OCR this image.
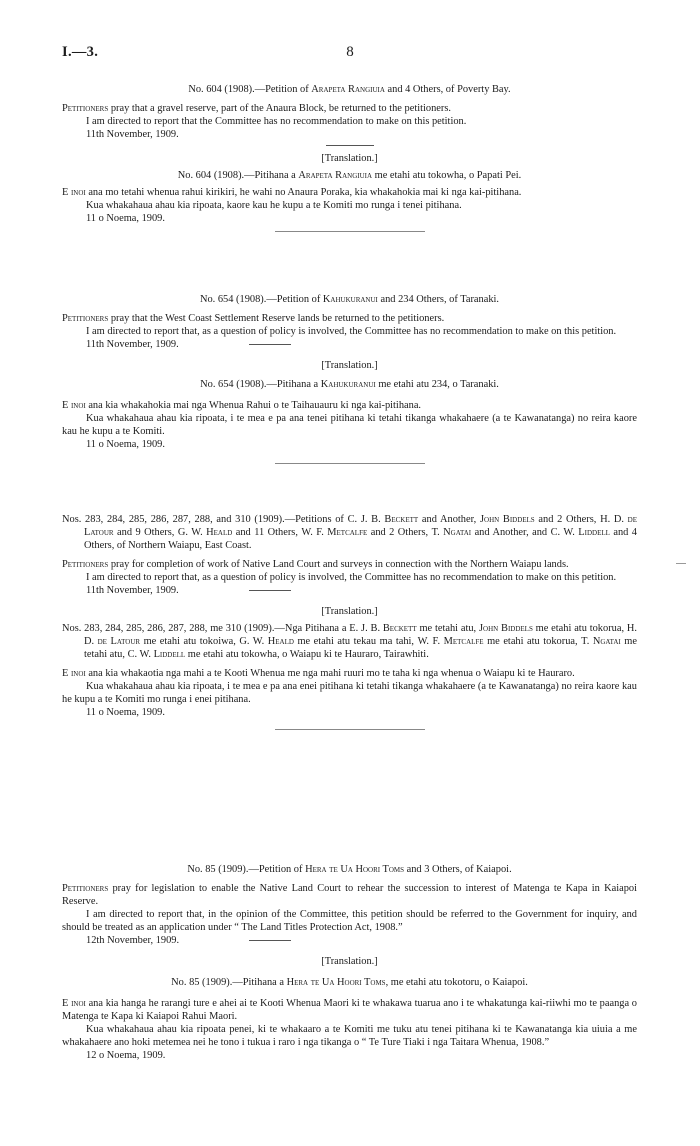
I.—3.	8

No. 604 (1908).—Petition of Arapeta Rangiuia and 4 Others, of Poverty Bay.

Petitioners pray that a gravel reserve, part of the Anaura Block, be returned to the petitioners.

I am directed to report that the Committee has no recommendation to make on this petition.

11th November, 1909.

[Translation.]

No. 604 (1908).—Pitihana a Arapeta Rangiuia me etahi atu tokowha, o Papati Pei.

E inoi ana mo tetahi whenua rahui kirikiri, he wahi no Anaura Poraka, kia whakahokia mai ki nga kai-pitihana.

Kua whakahaua ahau kia ripoata, kaore kau he kupu a te Komiti mo runga i tenei pitihana.

11 o Noema, 1909.

No. 654 (1908).—Petition of Kahukuranui and 234 Others, of Taranaki.

Petitioners pray that the West Coast Settlement Reserve lands be returned to the petitioners.

I am directed to report that, as a question of policy is involved, the Committee has no recommendation to make on this petition.

11th November, 1909.

[Translation.]

No. 654 (1908).—Pitihana a Kahukuranui me etahi atu 234, o Taranaki.

E inoi ana kia whakahokia mai nga Whenua Rahui o te Taihauauru ki nga kai-pitihana.

Kua whakahaua ahau kia ripoata, i te mea e pa ana tenei pitihana ki tetahi tikanga whakahaere (a te Kawanatanga) no reira kaore kau he kupu a te Komiti.

11 o Noema, 1909.

Nos. 283, 284, 285, 286, 287, 288, and 310 (1909).—Petitions of C. J. B. Beckett and Another, John Biddels and 2 Others, H. D. de Latour and 9 Others, G. W. Heald and 11 Others, W. F. Metcalfe and 2 Others, T. Ngatai and Another, and C. W. Liddell and 4 Others, of Northern Waiapu, East Coast.

Petitioners pray for completion of work of Native Land Court and surveys in connection with the Northern Waiapu lands.

I am directed to report that, as a question of policy is involved, the Committee has no recommendation to make on this petition.

11th November, 1909.

[Translation.]

Nos. 283, 284, 285, 286, 287, 288, me 310 (1909).—Nga Pitihana a E. J. B. Beckett me tetahi atu, John Biddels me etahi atu tokorua, H. D. de Latour me etahi atu tokoiwa, G. W. Heald me etahi atu tekau ma tahi, W. F. Metcalfe me etahi atu tokorua, T. Ngatai me tetahi atu, C. W. Liddell me etahi atu tokowha, o Waiapu ki te Hauraro, Tairawhiti.

E inoi ana kia whakaotia nga mahi a te Kooti Whenua me nga mahi ruuri mo te taha ki nga whenua o Waiapu ki te Hauraro.

Kua whakahaua ahau kia ripoata, i te mea e pa ana enei pitihana ki tetahi tikanga whakahaere (a te Kawanatanga) no reira kaore kau he kupu a te Komiti mo runga i enei pitihana.

11 o Noema, 1909.

No. 85 (1909).—Petition of Hera te Ua Hoori Toms and 3 Others, of Kaiapoi.

Petitioners pray for legislation to enable the Native Land Court to rehear the succession to interest of Matenga te Kapa in Kaiapoi Reserve.

I am directed to report that, in the opinion of the Committee, this petition should be referred to the Government for inquiry, and should be treated as an application under “ The Land Titles Protection Act, 1908.”

12th November, 1909.

[Translation.]

No. 85 (1909).—Pitihana a Hera te Ua Hoori Toms, me etahi atu tokotoru, o Kaiapoi.

E inoi ana kia hanga he rarangi ture e ahei ai te Kooti Whenua Maori ki te whakawa tuarua ano i te whakatunga kai-riiwhi mo te paanga o Matenga te Kapa ki Kaiapoi Rahui Maori.

Kua whakahaua ahau kia ripoata penei, ki te whakaaro a te Komiti me tuku atu tenei pitihana ki te Kawanatanga kia uiuia a me whakahaere ano hoki metemea nei he tono i tukua i raro i nga tikanga o “ Te Ture Tiaki i nga Taitara Whenua, 1908.”

12 o Noema, 1909.
